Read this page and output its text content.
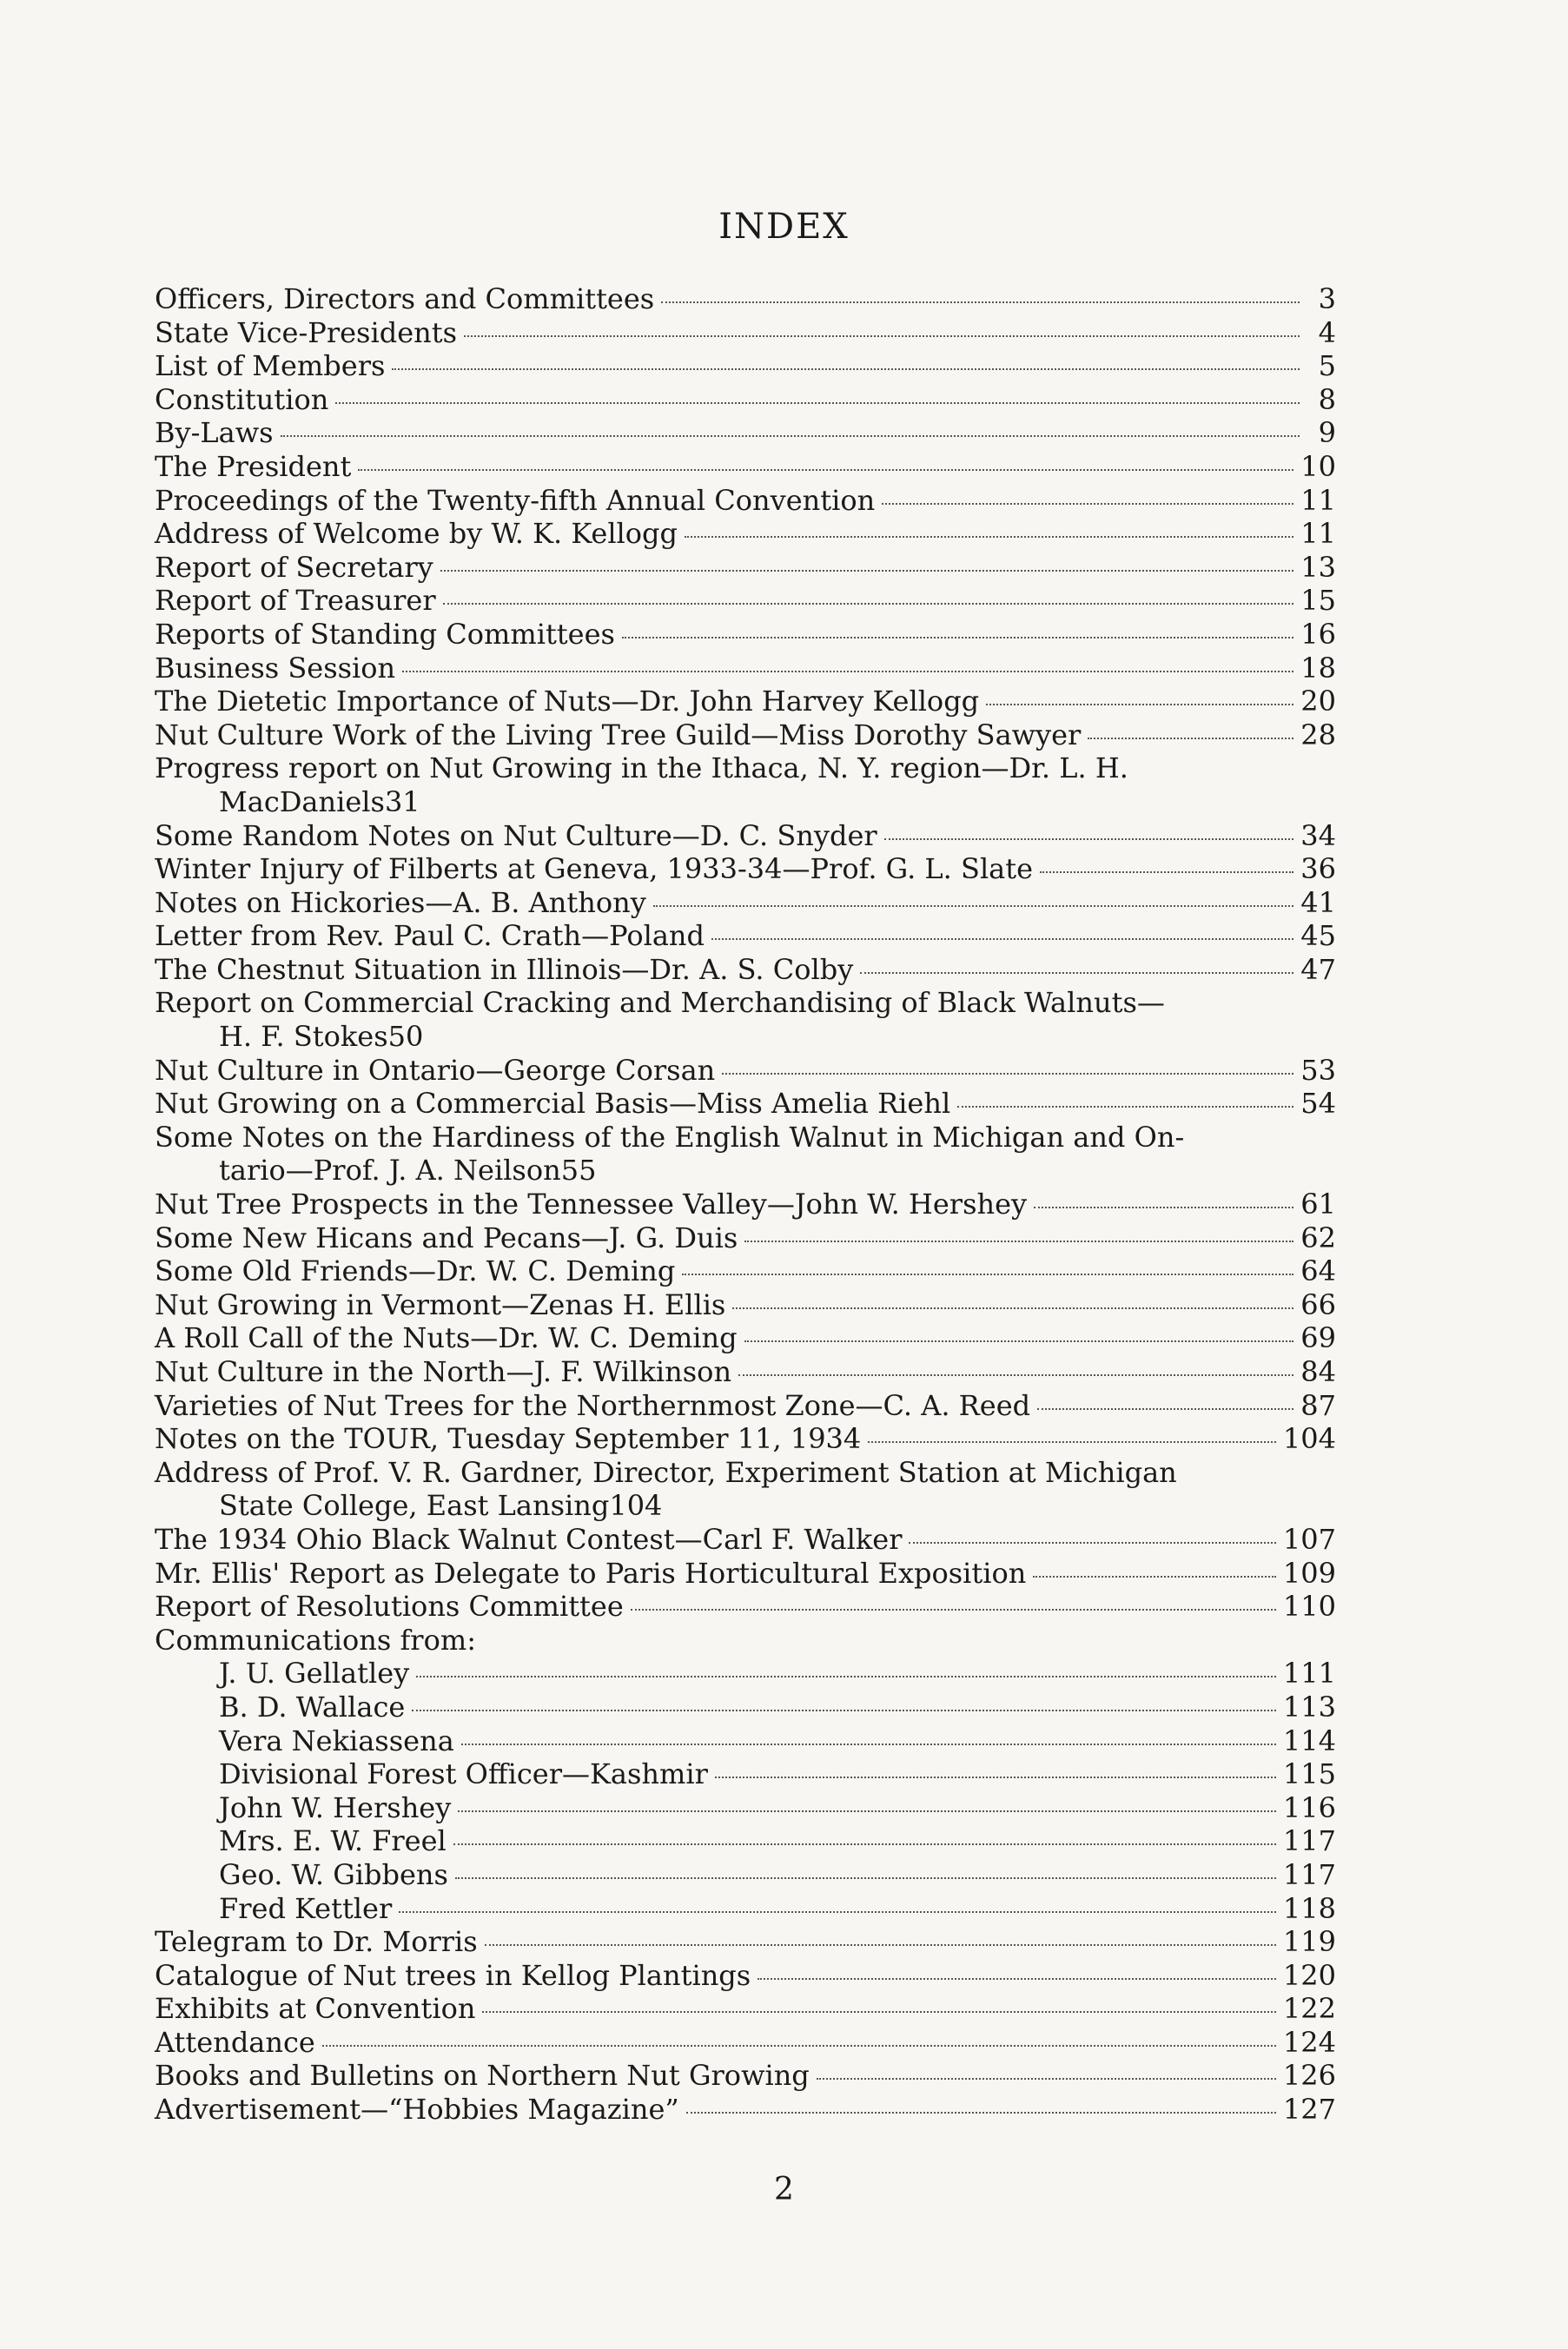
INDEX
Officers, Directors and Committees	3
State Vice-Presidents	4
List of Members	5
Constitution	8
By-Laws	9
The President	10
Proceedings of the Twenty-fifth Annual Convention	11
Address of Welcome by W. K. Kellogg	11
Report of Secretary	13
Report of Treasurer	15
Reports of Standing Committees	16
Business Session	18
The Dietetic Importance of Nuts—Dr. John Harvey Kellogg	20
Nut Culture Work of the Living Tree Guild—Miss Dorothy Sawyer	28
Progress report on Nut Growing in the Ithaca, N. Y. region—Dr. L. H.
MacDaniels 31
Some Random Notes on Nut Culture—D. C. Snyder	34
Winter Injury of Filberts at Geneva, 1933-34—Prof. G. L. Slate	36
Notes on Hickories—A. B. Anthony	41
Letter from Rev. Paul C. Crath—Poland	45
The Chestnut Situation in Illinois—Dr. A. S. Colby	47
Report on Commercial Cracking and Merchandising of Black Walnuts—
H. F. Stokes 50
Nut Culture in Ontario—George Corsan	53
Nut Growing on a Commercial Basis—Miss Amelia Riehl	54
Some Notes on the Hardiness of the English Walnut in Michigan and On-
tario—Prof. J. A. Neilson 55
Nut Tree Prospects in the Tennessee Valley—John W. Hershey	61
Some New Hicans and Pecans—J. G. Duis	62
Some Old Friends—Dr. W. C. Deming	64
Nut Growing in Vermont—Zenas H. Ellis	66
A Roll Call of the Nuts—Dr. W. C. Deming	69
Nut Culture in the North—J. F. Wilkinson	84
Varieties of Nut Trees for the Northernmost Zone—C. A. Reed	87
Notes on the TOUR, Tuesday September 11, 1934	104
Address of Prof. V. R. Gardner, Director, Experiment Station at Michigan
State College, East Lansing 104
The 1934 Ohio Black Walnut Contest—Carl F. Walker	107
Mr. Ellis' Report as Delegate to Paris Horticultural Exposition	109
Report of Resolutions Committee	110
Communications from:
J. U. Gellatley	111
B. D. Wallace	113
Vera Nekiassena	114
Divisional Forest Officer—Kashmir	115
John W. Hershey	116
Mrs. E. W. Freel	117
Geo. W. Gibbens	117
Fred Kettler	118
Telegram to Dr. Morris	119
Catalogue of Nut trees in Kellog Plantings	120
Exhibits at Convention	122
Attendance	124
Books and Bulletins on Northern Nut Growing	126
Advertisement—“Hobbies Magazine”	127
2
